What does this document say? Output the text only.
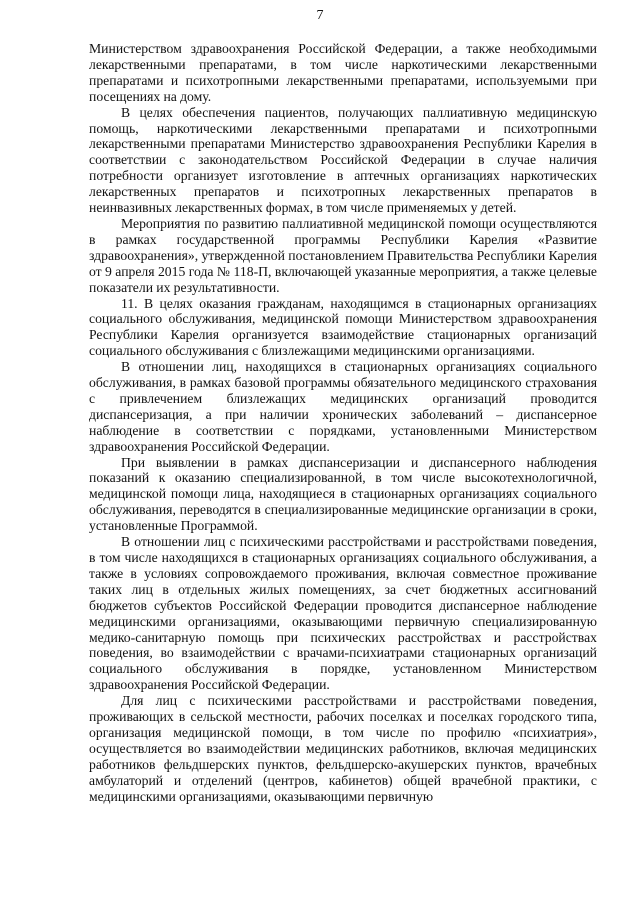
7

Министерством здравоохранения Российской Федерации, а также необходимыми лекарственными препаратами, в том числе наркотическими лекарственными препаратами и психотропными лекарственными препаратами, используемыми при посещениях на дому.

В целях обеспечения пациентов, получающих паллиативную медицинскую помощь, наркотическими лекарственными препаратами и психотропными лекарственными препаратами Министерство здравоохранения Республики Карелия в соответствии с законодательством Российской Федерации в случае наличия потребности организует изготовление в аптечных организациях наркотических лекарственных препаратов и психотропных лекарственных препаратов в неинвазивных лекарственных формах, в том числе применяемых у детей.

Мероприятия по развитию паллиативной медицинской помощи осуществляются в рамках государственной программы Республики Карелия «Развитие здравоохранения», утвержденной постановлением Правительства Республики Карелия от 9 апреля 2015 года № 118-П, включающей указанные мероприятия, а также целевые показатели их результативности.

11. В целях оказания гражданам, находящимся в стационарных организациях социального обслуживания, медицинской помощи Министерством здравоохранения Республики Карелия организуется взаимодействие стационарных организаций социального обслуживания с близлежащими медицинскими организациями.

В отношении лиц, находящихся в стационарных организациях социального обслуживания, в рамках базовой программы обязательного медицинского страхования с привлечением близлежащих медицинских организаций проводится диспансеризация, а при наличии хронических заболеваний – диспансерное наблюдение в соответствии с порядками, установленными Министерством здравоохранения Российской Федерации.

При выявлении в рамках диспансеризации и диспансерного наблюдения показаний к оказанию специализированной, в том числе высокотехнологичной, медицинской помощи лица, находящиеся в стационарных организациях социального обслуживания, переводятся в специализированные медицинские организации в сроки, установленные Программой.

В отношении лиц с психическими расстройствами и расстройствами поведения, в том числе находящихся в стационарных организациях социального обслуживания, а также в условиях сопровождаемого проживания, включая совместное проживание таких лиц в отдельных жилых помещениях, за счет бюджетных ассигнований бюджетов субъектов Российской Федерации проводится диспансерное наблюдение медицинскими организациями, оказывающими первичную специализированную медико-санитарную помощь при психических расстройствах и расстройствах поведения, во взаимодействии с врачами-психиатрами стационарных организаций социального обслуживания в порядке, установленном Министерством здравоохранения Российской Федерации.

Для лиц с психическими расстройствами и расстройствами поведения, проживающих в сельской местности, рабочих поселках и поселках городского типа, организация медицинской помощи, в том числе по профилю «психиатрия», осуществляется во взаимодействии медицинских работников, включая медицинских работников фельдшерских пунктов, фельдшерско-акушерских пунктов, врачебных амбулаторий и отделений (центров, кабинетов) общей врачебной практики, с медицинскими организациями, оказывающими первичную
